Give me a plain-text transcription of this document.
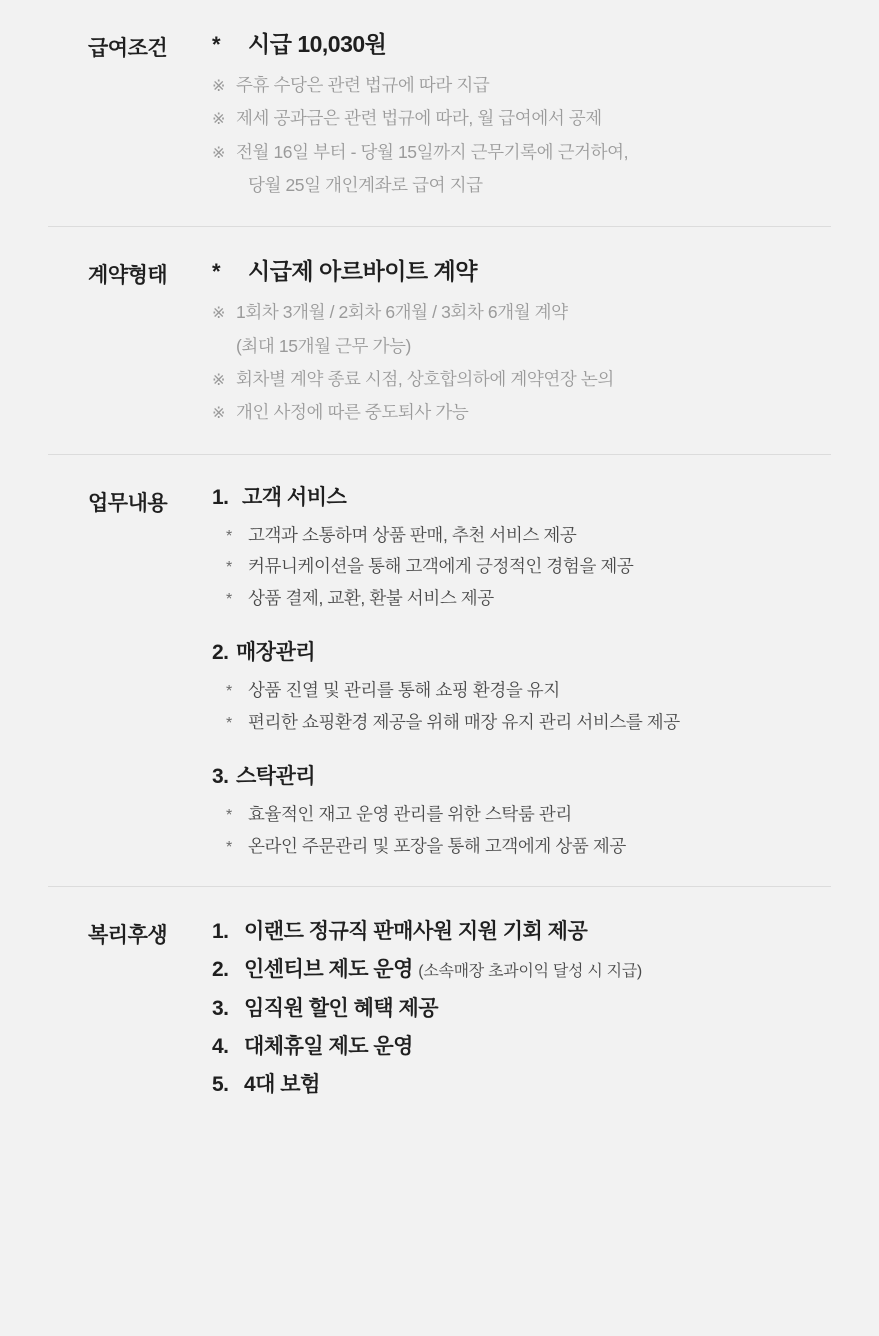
급여조건	*	시급 10,030원
※ 주휴 수당은 관련 법규에 따라 지급
※ 제세 공과금은 관련 법규에 따라, 월 급여에서 공제
※ 전월 16일 부터 - 당월 15일까지 근무기록에 근거하여,
당월 25일 개인계좌로 급여 지급
계약형태	*	시급제 아르바이트 계약
※ 1회차 3개월 / 2회차 6개월 / 3회차 6개월 계약
(최대 15개월 근무 가능)
※ 회차별 계약 종료 시점, 상호합의하에 계약연장 논의
※ 개인 사정에 따른 중도퇴사 가능
업무내용	1. 고객 서비스
* 고객과 소통하며 상품 판매, 추천 서비스 제공
* 커뮤니케이션을 통해 고객에게 긍정적인 경험을 제공
* 상품 결제, 교환, 환불 서비스 제공
2. 매장관리
* 상품 진열 및 관리를 통해 쇼핑 환경을 유지
* 편리한 쇼핑환경 제공을 위해 매장 유지 관리 서비스를 제공
3. 스탁관리
* 효율적인 재고 운영 관리를 위한 스탁룸 관리
* 온라인 주문관리 및 포장을 통해 고객에게 상품 제공
복리후생	1. 이랜드 정규직 판매사원 지원 기회 제공
2. 인센티브 제도 운영 (소속매장 초과이익 달성 시 지급)
3. 임직원 할인 혜택 제공
4. 대체휴일 제도 운영
5. 4대 보험
